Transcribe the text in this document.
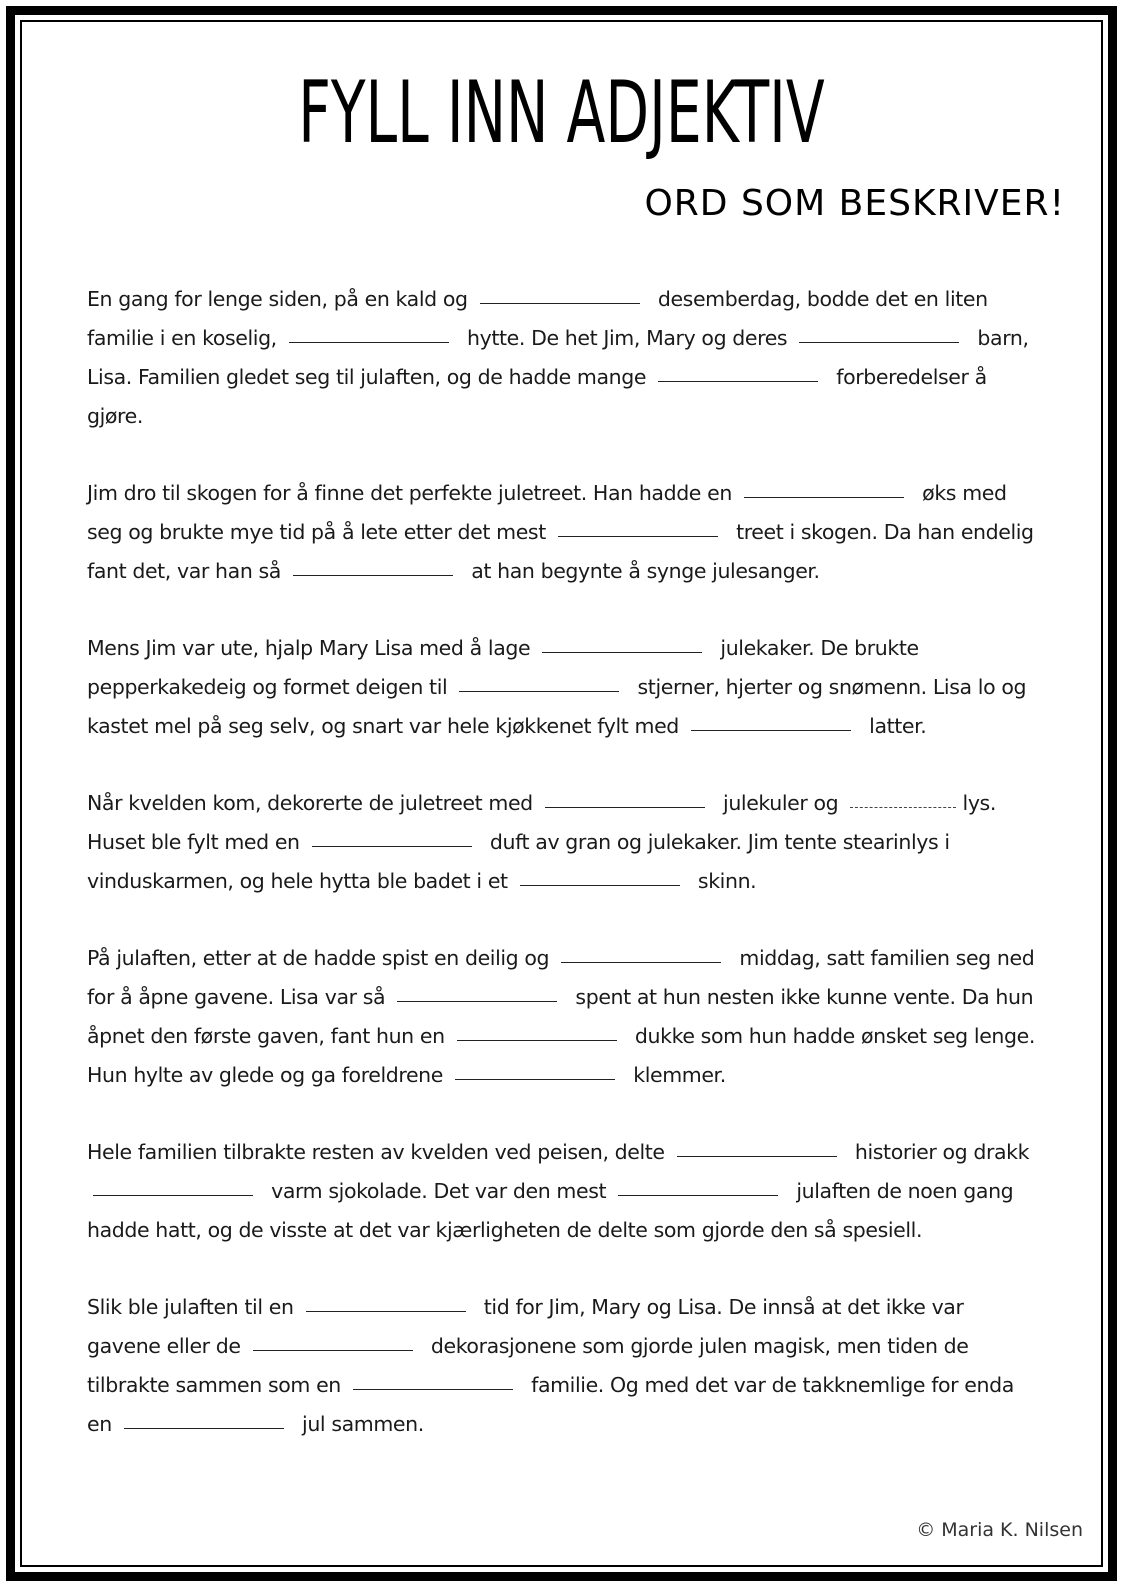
FYLL INN ADJEKTIV
ORD SOM BESKRIVER!

En gang for lenge siden, på en kald og	desemberdag, bodde det en liten familie i en koselig,	hytte. De het Jim, Mary og deres	barn, Lisa. Familien gledet seg til julaften, og de hadde mange	forberedelser å gjøre.

Jim dro til skogen for å finne det perfekte juletreet. Han hadde en	øks med seg og brukte mye tid på å lete etter det mest	treet i skogen. Da han endelig fant det, var han så	at han begynte å synge julesanger.

Mens Jim var ute, hjalp Mary Lisa med å lage	julekaker. De brukte pepperkakedeig og formet deigen til	stjerner, hjerter og snømenn. Lisa lo og kastet mel på seg selv, og snart var hele kjøkkenet fylt med	latter.

Når kvelden kom, dekorerte de juletreet med	julekuler og	lys. Huset ble fylt med en	duft av gran og julekaker. Jim tente stearinlys i vinduskarmen, og hele hytta ble badet i et	skinn.

På julaften, etter at de hadde spist en deilig og	middag, satt familien seg ned for å åpne gavene. Lisa var så	spent at hun nesten ikke kunne vente. Da hun åpnet den første gaven, fant hun en	dukke som hun hadde ønsket seg lenge. Hun hylte av glede og ga foreldrene	klemmer.

Hele familien tilbrakte resten av kvelden ved peisen, delte	historier og drakk  varm sjokolade. Det var den mest	julaften de noen gang hadde hatt, og de visste at det var kjærligheten de delte som gjorde den så spesiell.

Slik ble julaften til en	tid for Jim, Mary og Lisa. De innså at det ikke var gavene eller de	dekorasjonene som gjorde julen magisk, men tiden de tilbrakte sammen som en	familie. Og med det var de takknemlige for enda en	jul sammen.

© Maria K. Nilsen
